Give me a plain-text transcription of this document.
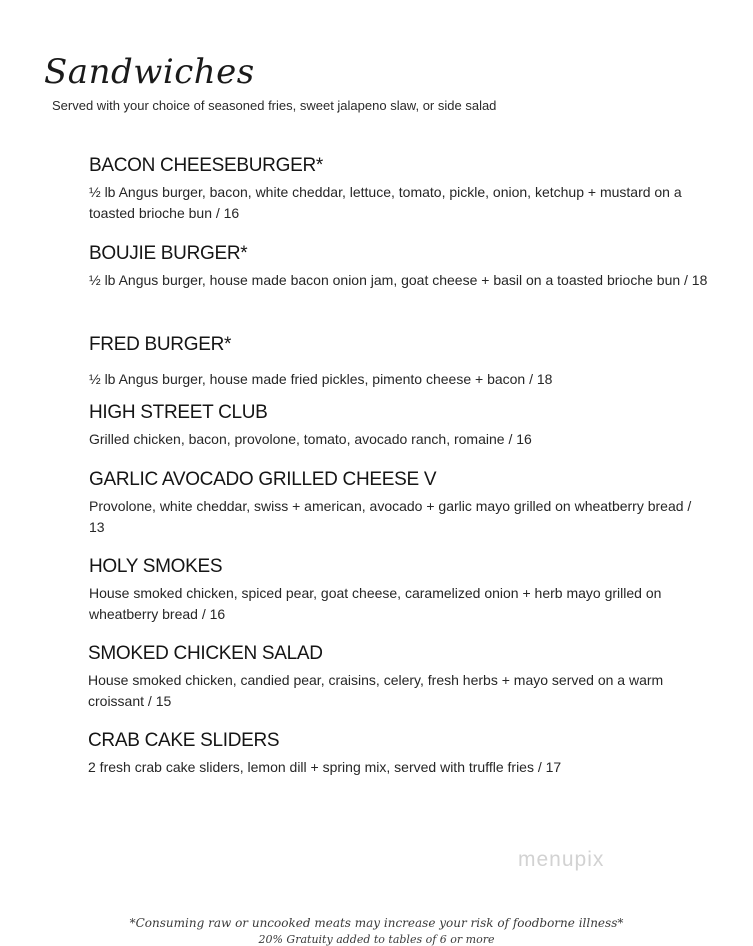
Sandwiches

Served with your choice of seasoned fries, sweet jalapeno slaw, or side salad

BACON CHEESEBURGER*
½ lb Angus burger, bacon, white cheddar, lettuce, tomato, pickle, onion, ketchup + mustard on a toasted brioche bun / 16
BOUJIE BURGER*
½ lb Angus burger, house made bacon onion jam, goat cheese + basil on a toasted brioche bun / 18
FRED BURGER*
½ lb Angus burger, house made fried pickles, pimento cheese + bacon / 18
HIGH STREET CLUB
Grilled chicken, bacon, provolone, tomato, avocado ranch, romaine / 16
GARLIC AVOCADO GRILLED CHEESE V
Provolone, white cheddar, swiss + american, avocado + garlic mayo grilled on wheatberry bread / 13
HOLY SMOKES
House smoked chicken, spiced pear, goat cheese, caramelized onion + herb mayo grilled on wheatberry bread / 16
SMOKED CHICKEN SALAD
House smoked chicken, candied pear, craisins, celery, fresh herbs + mayo served on a warm croissant / 15
CRAB CAKE SLIDERS
2 fresh crab cake sliders, lemon dill + spring mix, served with truffle fries / 17
menupix
*Consuming raw or uncooked meats may increase your risk of foodborne illness*
20% Gratuity added to tables of 6 or more
